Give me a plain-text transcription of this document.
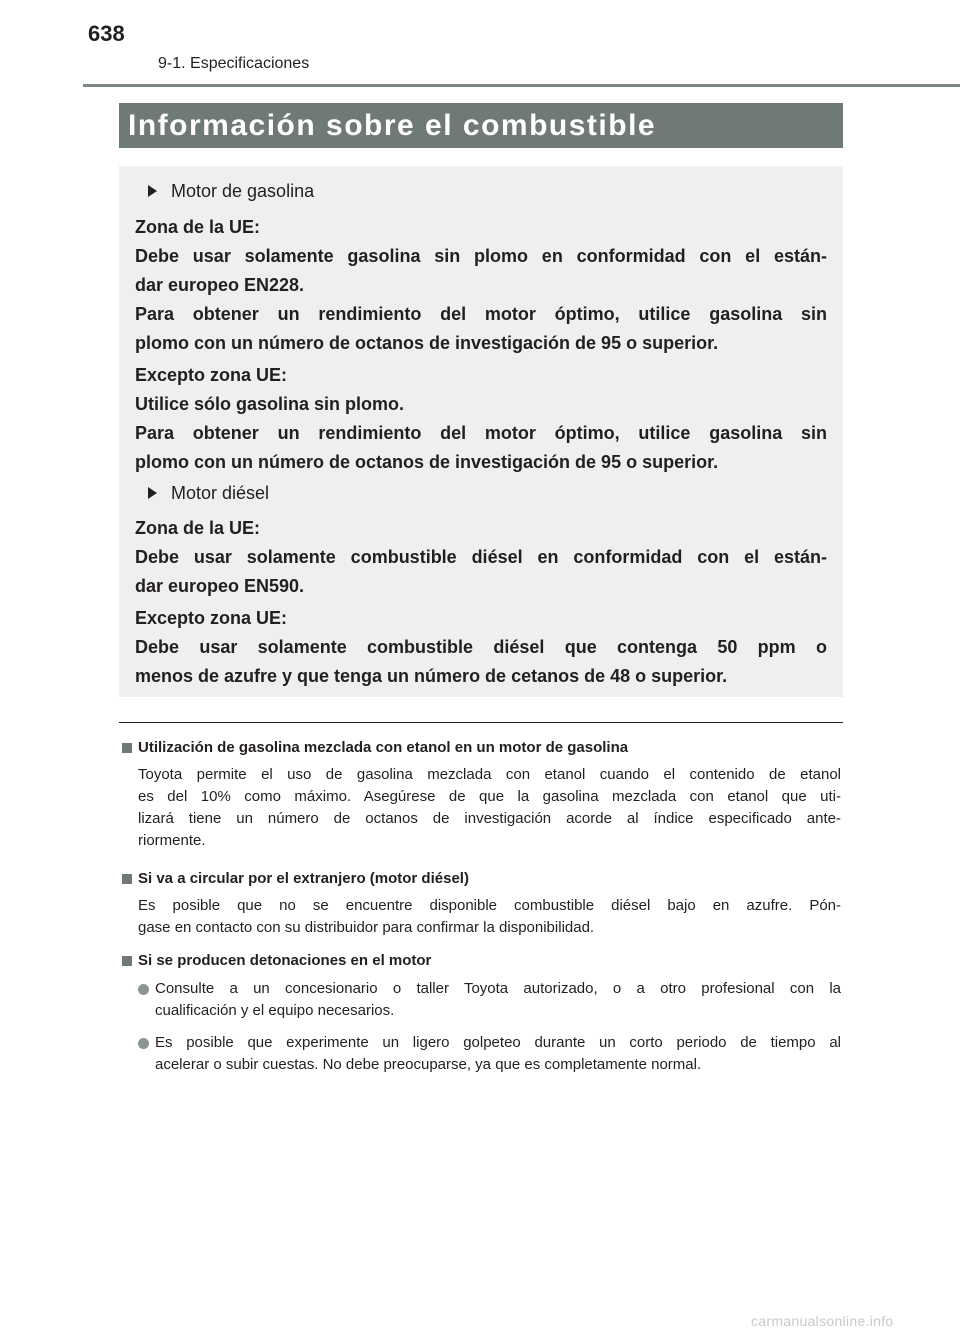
638
9-1. Especificaciones
Información sobre el combustible
Motor de gasolina

Zona de la UE:

Debe usar solamente gasolina sin plomo en conformidad con el están-

dar europeo EN228.

Para obtener un rendimiento del motor óptimo, utilice gasolina sin

plomo con un número de octanos de investigación de 95 o superior.

Excepto zona UE:

Utilice sólo gasolina sin plomo.

Para obtener un rendimiento del motor óptimo, utilice gasolina sin

plomo con un número de octanos de investigación de 95 o superior.

Motor diésel

Zona de la UE:

Debe usar solamente combustible diésel en conformidad con el están-

dar europeo EN590.

Excepto zona UE:

Debe usar solamente combustible diésel que contenga 50 ppm o

menos de azufre y que tenga un número de cetanos de 48 o superior.

Utilización de gasolina mezclada con etanol en un motor de gasolina
Toyota permite el uso de gasolina mezclada con etanol cuando el contenido de etanol
es del 10% como máximo. Asegúrese de que la gasolina mezclada con etanol que uti-
lizará tiene un número de octanos de investigación acorde al índice especificado ante-
riormente.
Si va a circular por el extranjero (motor diésel)
Es posible que no se encuentre disponible combustible diésel bajo en azufre. Pón-
gase en contacto con su distribuidor para confirmar la disponibilidad.
Si se producen detonaciones en el motor
Consulte a un concesionario o taller Toyota autorizado, o a otro profesional con la
cualificación y el equipo necesarios.
Es posible que experimente un ligero golpeteo durante un corto periodo de tiempo al
acelerar o subir cuestas. No debe preocuparse, ya que es completamente normal.
carmanualsonline.info
